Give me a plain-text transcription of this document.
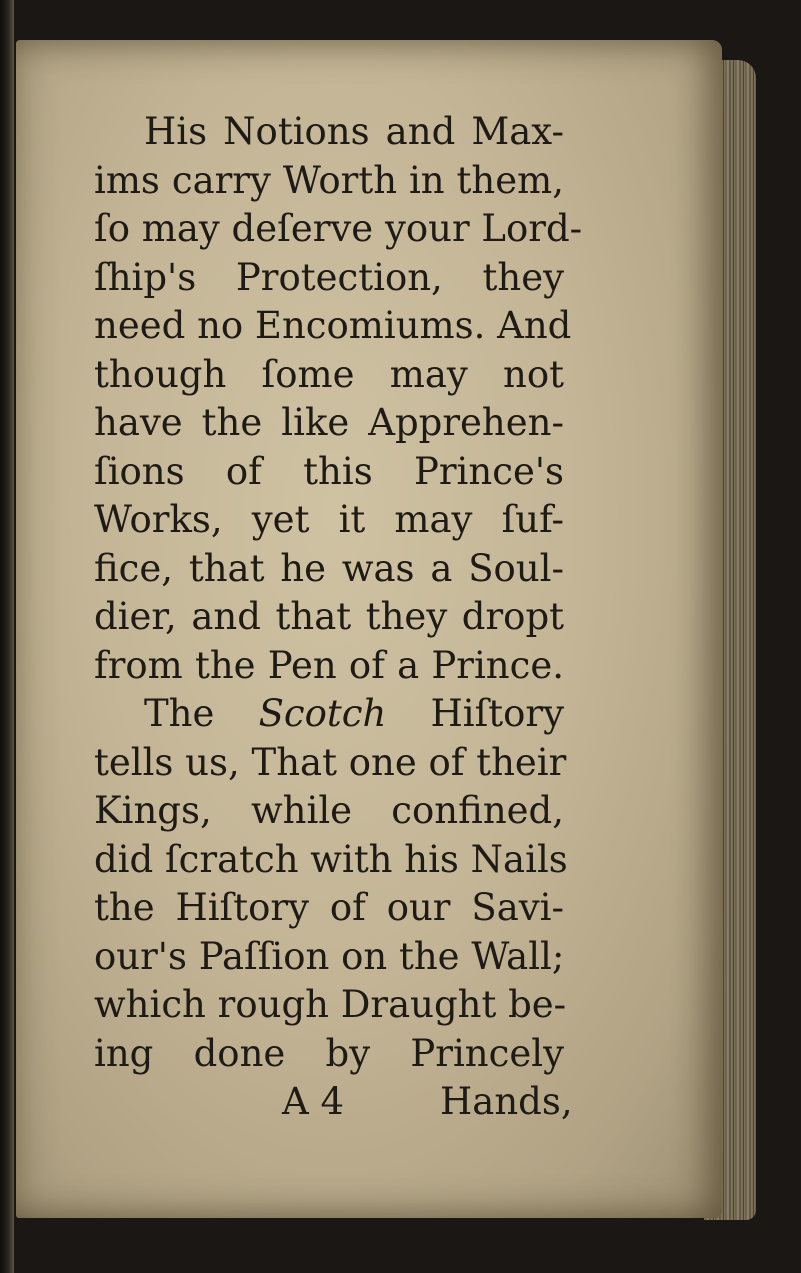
His Notions and Max-
ims carry Worth in them,
ſo may deſerve your Lord-
ſhip's Protection, they
need no Encomiums. And
though ſome may not
have the like Apprehen-
ſions of this Prince's
Works, yet it may ſuf-
fice, that he was a Soul-
dier, and that they dropt
from the Pen of a Prince.
The Scotch Hiſtory
tells us, That one of their
Kings, while confined,
did ſcratch with his Nails
the Hiſtory of our Savi-
our's Paſſion on the Wall;
which rough Draught be-
ing done by Princely
A 4	Hands,
